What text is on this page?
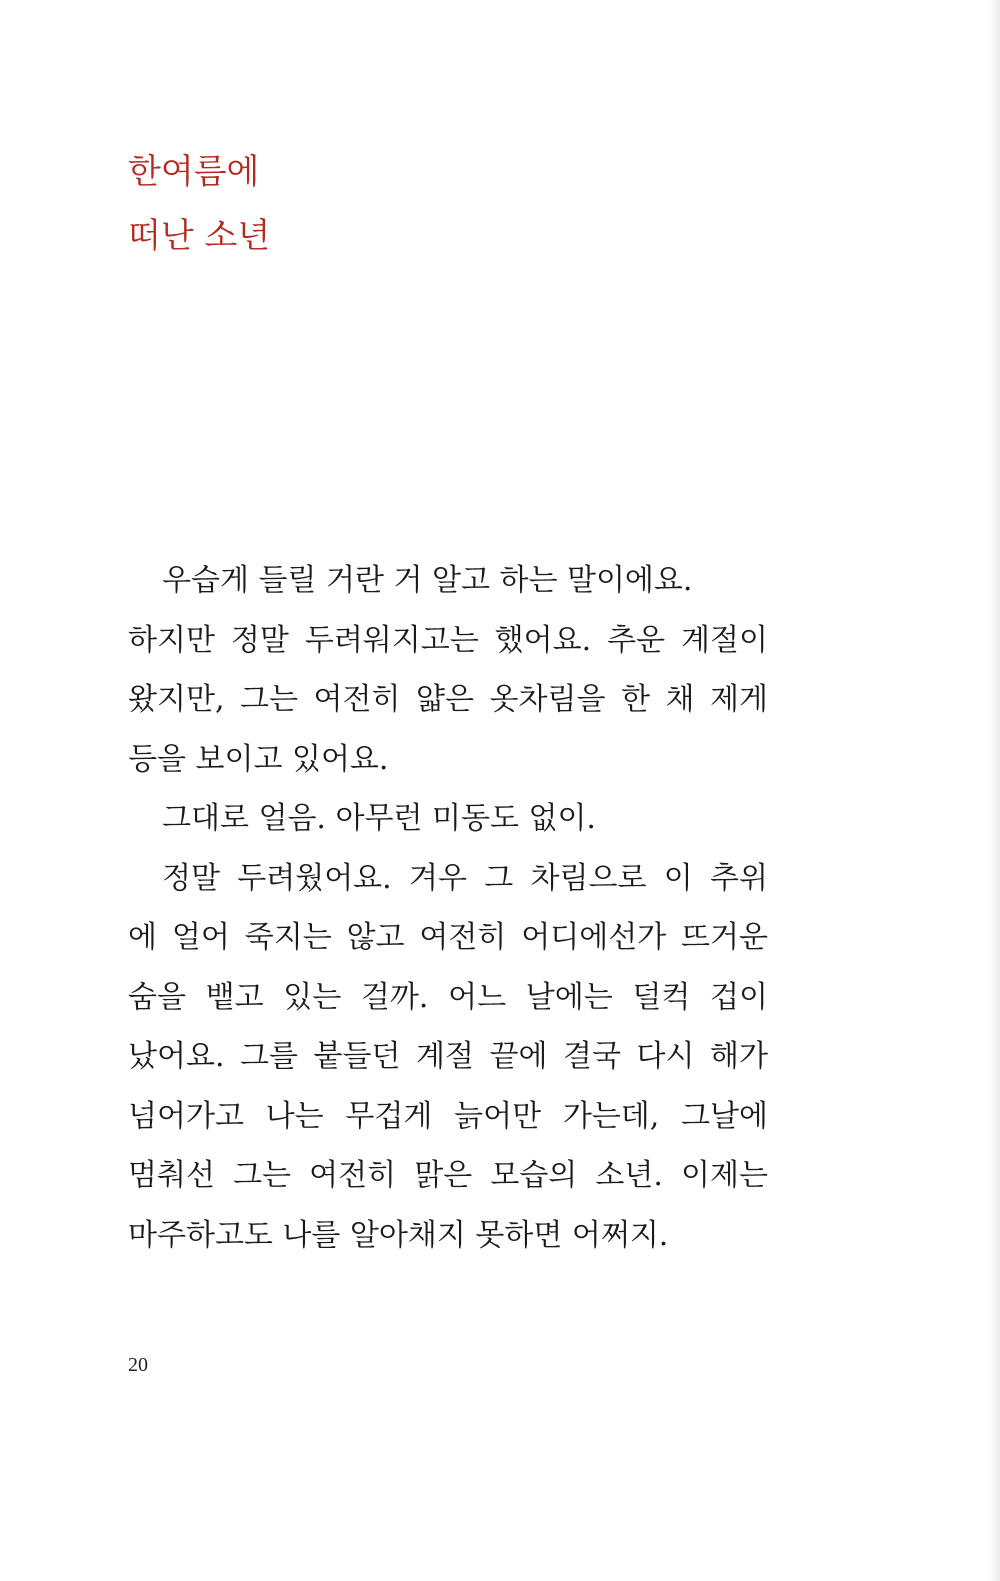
한여름에
떠난 소년
우습게 들릴 거란 거 알고 하는 말이에요.
하지만 정말 두려워지고는 했어요. 추운 계절이
왔지만, 그는 여전히 얇은 옷차림을 한 채 제게
등을 보이고 있어요.
그대로 얼음. 아무런 미동도 없이.
정말 두려웠어요. 겨우 그 차림으로 이 추위
에 얼어 죽지는 않고 여전히 어디에선가 뜨거운
숨을 뱉고 있는 걸까. 어느 날에는 덜컥 겁이
났어요. 그를 붙들던 계절 끝에 결국 다시 해가
넘어가고 나는 무겁게 늙어만 가는데, 그날에
멈춰선 그는 여전히 맑은 모습의 소년. 이제는
마주하고도 나를 알아채지 못하면 어쩌지.
20
